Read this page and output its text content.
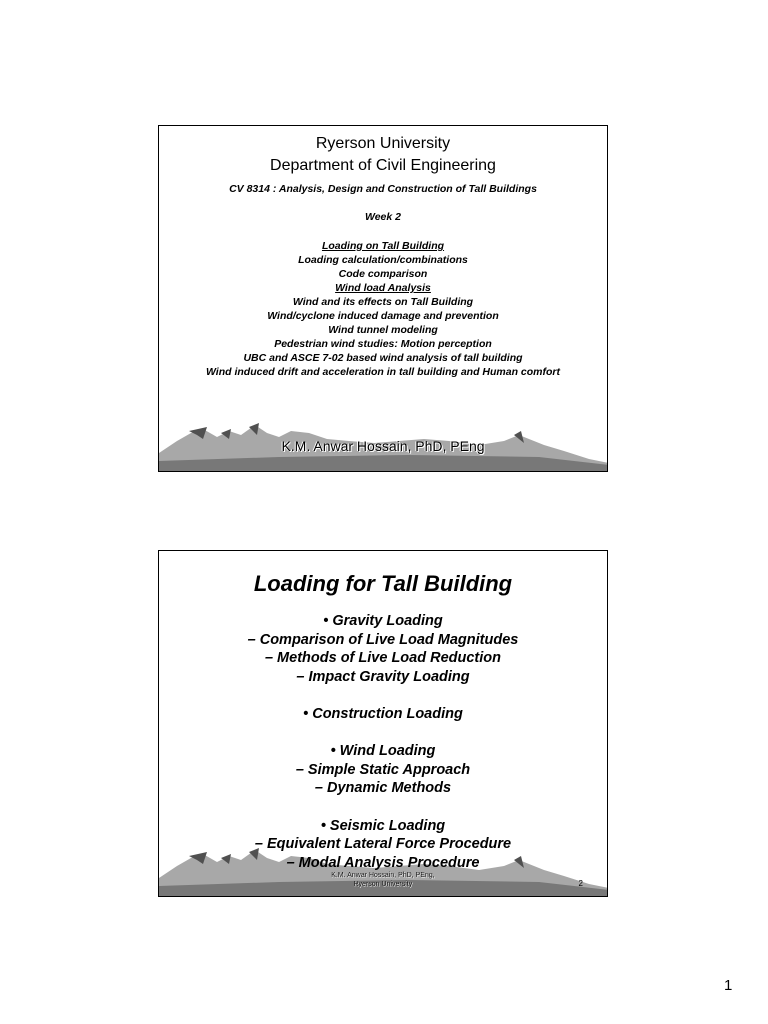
Ryerson University
Department of Civil Engineering
CV 8314 : Analysis, Design and Construction of Tall Buildings
Week 2
Loading on Tall Building
Loading calculation/combinations
Code comparison
Wind load Analysis
Wind and its effects on Tall Building
Wind/cyclone induced damage and prevention
Wind tunnel modeling
Pedestrian wind studies: Motion perception
UBC and ASCE 7-02 based wind analysis of tall building
Wind induced drift and acceleration in tall building and Human comfort
K.M. Anwar Hossain, PhD, PEng
Loading for Tall Building
• Gravity Loading
– Comparison of Live Load Magnitudes
– Methods of Live Load Reduction
– Impact Gravity Loading
• Construction Loading
• Wind Loading
– Simple Static Approach
– Dynamic Methods
• Seismic Loading
– Equivalent Lateral Force Procedure
– Modal Analysis Procedure
K.M. Anwar Hossain, PhD, PEng,
Ryerson University	2
1
